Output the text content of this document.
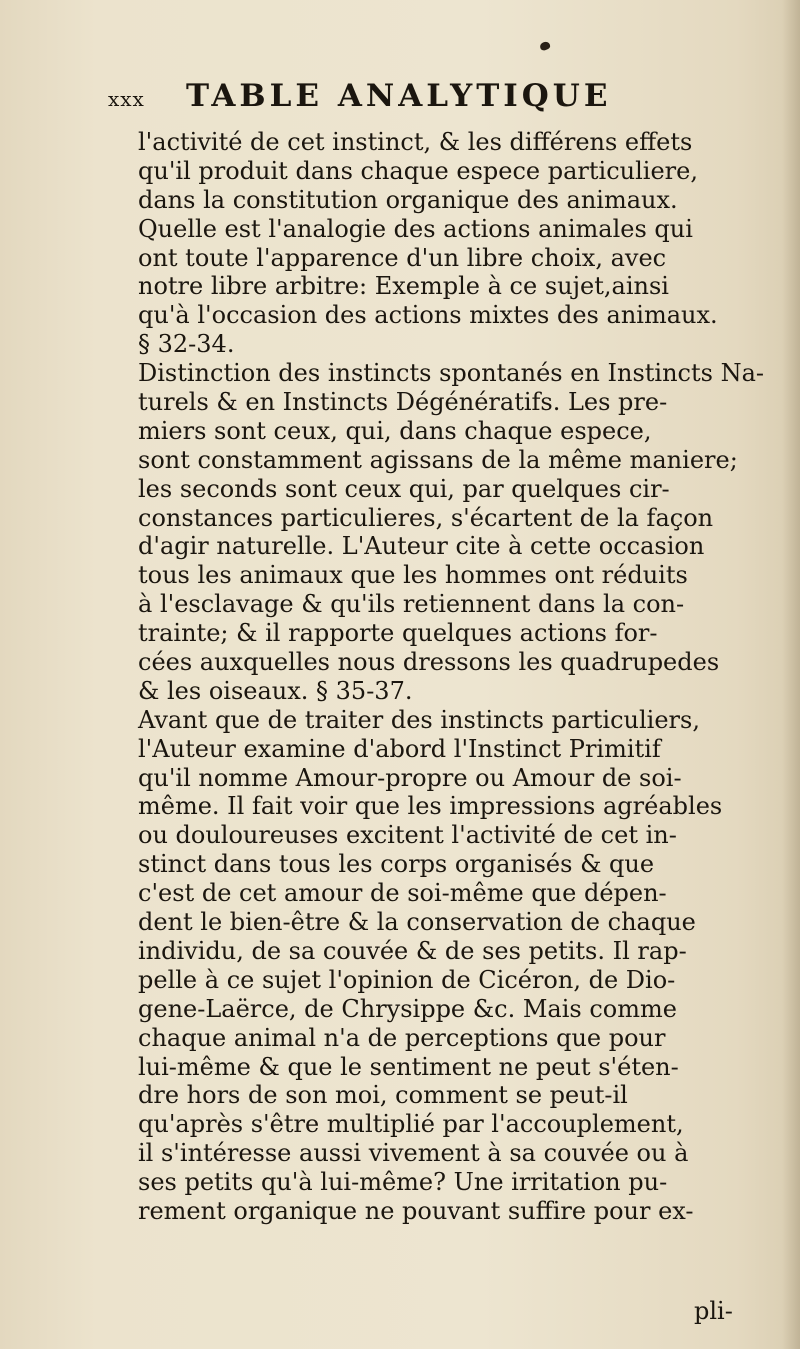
xxx	TABLE ANALYTIQUE
l'activité de cet instinct, & les différens effets
qu'il produit dans chaque espece particuliere,
dans la constitution organique des animaux.
Quelle est l'analogie des actions animales qui
ont toute l'apparence d'un libre choix, avec
notre libre arbitre: Exemple à ce sujet,ainsi
qu'à l'occasion des actions mixtes des animaux.
§ 32-34.
Distinction des instincts spontanés en Instincts Na-
turels & en Instincts Dégénératifs. Les pre-
miers sont ceux, qui, dans chaque espece,
sont constamment agissans de la même maniere;
les seconds sont ceux qui, par quelques cir-
constances particulieres, s'écartent de la façon
d'agir naturelle. L'Auteur cite à cette occasion
tous les animaux que les hommes ont réduits
à l'esclavage & qu'ils retiennent dans la con-
trainte; & il rapporte quelques actions for-
cées auxquelles nous dressons les quadrupedes
& les oiseaux. § 35-37.
Avant que de traiter des instincts particuliers,
l'Auteur examine d'abord l'Instinct Primitif
qu'il nomme Amour-propre ou Amour de soi-
même. Il fait voir que les impressions agréables
ou douloureuses excitent l'activité de cet in-
stinct dans tous les corps organisés & que
c'est de cet amour de soi-même que dépen-
dent le bien-être & la conservation de chaque
individu, de sa couvée & de ses petits. Il rap-
pelle à ce sujet l'opinion de Cicéron, de Dio-
gene-Laërce, de Chrysippe &c. Mais comme
chaque animal n'a de perceptions que pour
lui-même & que le sentiment ne peut s'éten-
dre hors de son moi, comment se peut-il
qu'après s'être multiplié par l'accouplement,
il s'intéresse aussi vivement à sa couvée ou à
ses petits qu'à lui-même? Une irritation pu-
rement organique ne pouvant suffire pour ex-
pli-
